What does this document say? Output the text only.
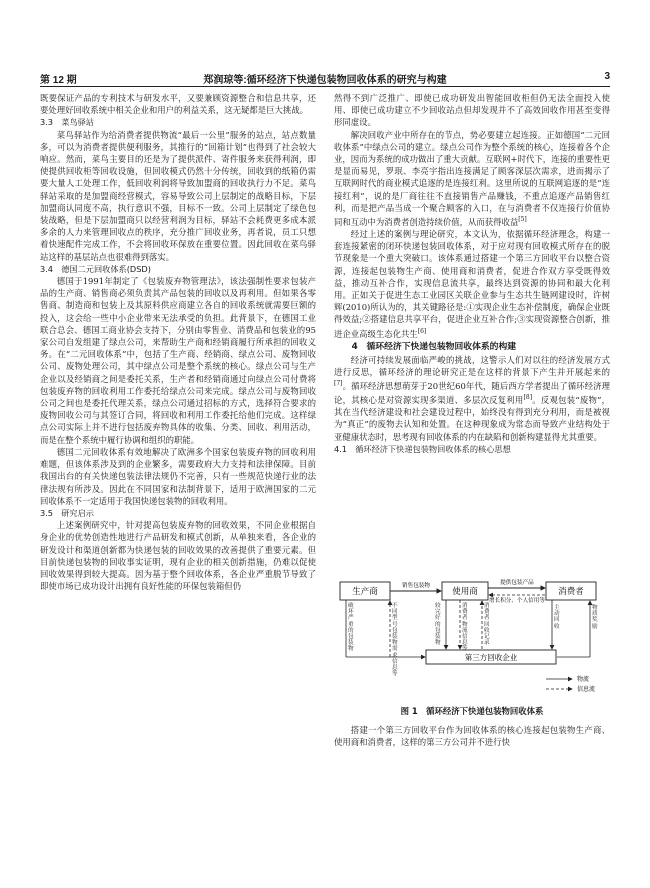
第 12 期	郑润琼等:循环经济下快递包装物回收体系的研究与构建	3

既要保证产品的专利技术与研发水平，又要兼顾资源整合和信息共享，还要处理好回收系统中相关企业和用户的利益关系，这无疑都是巨大挑战。

3.3　菜鸟驿站

菜鸟驿站作为给消费者提供物流“最后一公里”服务的站点，站点数量多，可以为消费者提供便利服务，其推行的“回箱计划”也得到了社会较大响应。然而，菜鸟主要目的还是为了提供派件、寄件服务来获得利润，即使提供回收柜等回收设施，但回收模式仍然十分传统，回收到的纸箱仍需要大量人工处理工作，低回收利润将导致加盟商的回收执行力不足。菜鸟驿站采取的是加盟商经营模式，容易导致公司上层制定的战略目标，下层加盟商认同度不高，执行意识不强，目标不一致。公司上层制定了绿色包装战略，但是下层加盟商只以经营利润为目标，驿站不会耗费更多成本派多余的人力来管理回收点的秩序，充分推广回收业务，再者说，员工只想着快速配件完成工作，不会将回收环保放在重要位置。因此回收在菜鸟驿站这样的基层站点也很难得到落实。

3.4　德国二元回收体系(DSD)

德国于1991年制定了《包装废弃物管理法》，该法强制性要求包装产品的生产商、销售商必须负责其产品包装的回收以及再利用。但如果各零售商、制造商和包装上及其原料供应商建立各自的回收系统就需要巨额的投入，这会给一些中小企业带来无法承受的负担。此背景下，在德国工业联合总会、德国工商业协会支持下，分别由零售业、消费品和包装业的95家公司自发组建了绿点公司，来帮助生产商和经销商履行所承担的回收义务。在“二元回收体系”中，包括了生产商、经销商、绿点公司、废物回收公司、废物处理公司，其中绿点公司是整个系统的核心。绿点公司与生产企业以及经销商之间是委托关系，生产者和经销商通过向绿点公司付费将包装废弃物的回收利用工作委托给绿点公司来完成。绿点公司与废物回收公司之间也是委托代理关系，绿点公司通过招标的方式，选择符合要求的废物回收公司与其签订合同，将回收和利用工作委托给他们完成。这样绿点公司实际上并不进行包括废弃物具体的收集、分类、回收、利用活动，而是在整个系统中履行协调和组织的职能。

德国二元回收体系有效地解决了欧洲多个国家包装废弃物的回收利用难题，但该体系涉及到的企业繁多，需要政府大力支持和法律保障。目前我国出台的有关快递包装法律法规仍不完善，只有一些规范快递行业的法律法规有所涉及。因此在不同国家和法制背景下，适用于欧洲国家的二元回收体系不一定适用于我国快递包装物的回收利用。

3.5　研究启示

上述案例研究中，针对提高包装废弃物的回收效果，不同企业根据自身企业的优势创造性地进行产品研发和模式创新，从单独来看，各企业的研发设计和渠道创新都为快递包装的回收效果的改善提供了重要元素。但目前快递包装物的回收事实证明，现有企业的相关创新措施，仍难以促使回收效果得到较大提高。因为基于整个回收体系，各企业严重脱节导致了即使市场已成功设计出拥有良好性能的环保包装箱但仍

然得不到广泛推广、即使已成功研发出智能回收柜但仍无法全面投入使用、即使已成功建立不少回收站点但却发现并不了高效回收作用甚至变得形同虚设。

解决回收产业中所存在的节点，势必要建立起连接。正如德国“二元回收体系”中绿点公司的建立。绿点公司作为整个系统的核心，连接着各个企业，因而为系统的成功做出了重大贡献。互联网+时代下，连接的重要性更是显而易见，罗珉、李亮宇指出连接满足了顾客深层次需求，进而揭示了互联网时代的商业模式追逐的是连接红利。这里所说的互联网追逐的是“连接红利”，说的是厂商往往不直接销售产品赚钱，不重点追逐产品销售红利，而是把产品当成一个聚合顾客的入口，在与消费者不仅连接行价值协同和互动中为消费者创造持续价值，从而获得收益[5]

经过上述的案例与理论研究，本文认为，依据循环经济理念，构建一套连接紧密的闭环快递包装回收体系，对于应对现有回收模式所存在的脱节现象是一个重大突破口。该体系通过搭建一个第三方回收平台以整合资源，连接起包装物生产商、使用商和消费者，促进合作双方享受既得效益，推动互补合作，实现信息流共享，最终达到资源的协同和最大化利用。正如关于促进生态工业园区关联企业参与生态共生链网建设时，许树辉(2010)所认为的，其关键路径是:①实现企业生态补偿制度，确保企业既得效益;②搭建信息共享平台，促进企业互补合作;③实现资源整合创新，推进企业高级生态化共生[6]

4　循环经济下快递包装物回收体系的构建

经济可持续发展面临严峻的挑战，这警示人们对以往的经济发展方式进行反思，循环经济的理论研究正是在这样的背景下产生并开展起来的[7]。循环经济思想萌芽于20世纪60年代，随后西方学者提出了循环经济理论，其核心是对资源实现多渠道、多层次反复利用[8]。反观包装“废物”，其在当代经济建设和社会建设过程中，始终没有得到充分利用，而是被视为“真正”的废物去认知和处置。在这种现象成为常态而导致产业结构处于亚健康状态时，思考现有回收体系的内在缺陷和创新构建显得尤其重要。

4.1　循环经济下快递包装物回收体系的核心思想

生产商	使用商	消费者
销售包装物	提供包装产品
增长积分、个人信用等
第三方回收企业
破坏严重的包装物
不同型号包装物需求信息等
较完好的包装物
消费者物流信息等
消费者回收记录
主动回收
物质奖励
物流
信息流
图 1　循环经济下快递包装物回收体系

搭建一个第三方回收平台作为回收体系的核心连接起包装物生产商、使用商和消费者，这样的第三方公司并不进行快
